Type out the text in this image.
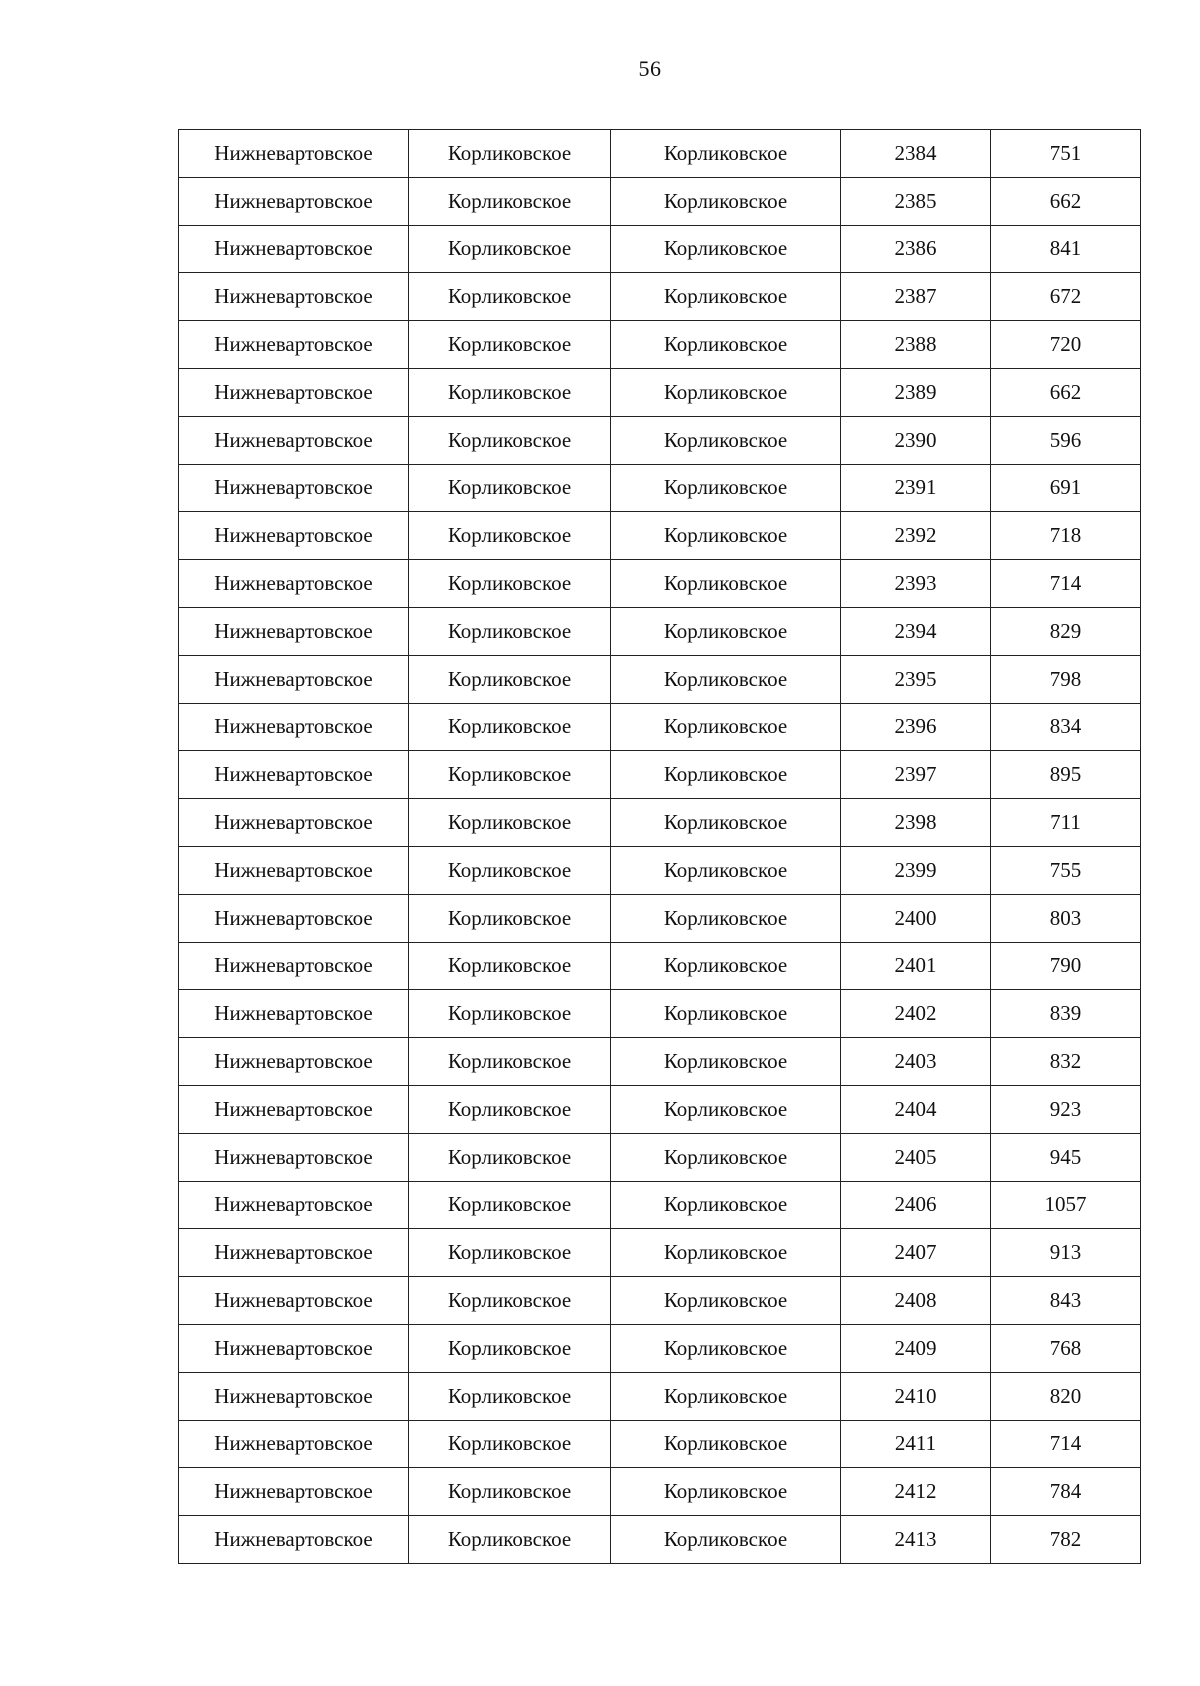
56
Нижневартовское	Корликовское	Корликовское	2384	751
Нижневартовское	Корликовское	Корликовское	2385	662
Нижневартовское	Корликовское	Корликовское	2386	841
Нижневартовское	Корликовское	Корликовское	2387	672
Нижневартовское	Корликовское	Корликовское	2388	720
Нижневартовское	Корликовское	Корликовское	2389	662
Нижневартовское	Корликовское	Корликовское	2390	596
Нижневартовское	Корликовское	Корликовское	2391	691
Нижневартовское	Корликовское	Корликовское	2392	718
Нижневартовское	Корликовское	Корликовское	2393	714
Нижневартовское	Корликовское	Корликовское	2394	829
Нижневартовское	Корликовское	Корликовское	2395	798
Нижневартовское	Корликовское	Корликовское	2396	834
Нижневартовское	Корликовское	Корликовское	2397	895
Нижневартовское	Корликовское	Корликовское	2398	711
Нижневартовское	Корликовское	Корликовское	2399	755
Нижневартовское	Корликовское	Корликовское	2400	803
Нижневартовское	Корликовское	Корликовское	2401	790
Нижневартовское	Корликовское	Корликовское	2402	839
Нижневартовское	Корликовское	Корликовское	2403	832
Нижневартовское	Корликовское	Корликовское	2404	923
Нижневартовское	Корликовское	Корликовское	2405	945
Нижневартовское	Корликовское	Корликовское	2406	1057
Нижневартовское	Корликовское	Корликовское	2407	913
Нижневартовское	Корликовское	Корликовское	2408	843
Нижневартовское	Корликовское	Корликовское	2409	768
Нижневартовское	Корликовское	Корликовское	2410	820
Нижневартовское	Корликовское	Корликовское	2411	714
Нижневартовское	Корликовское	Корликовское	2412	784
Нижневартовское	Корликовское	Корликовское	2413	782
